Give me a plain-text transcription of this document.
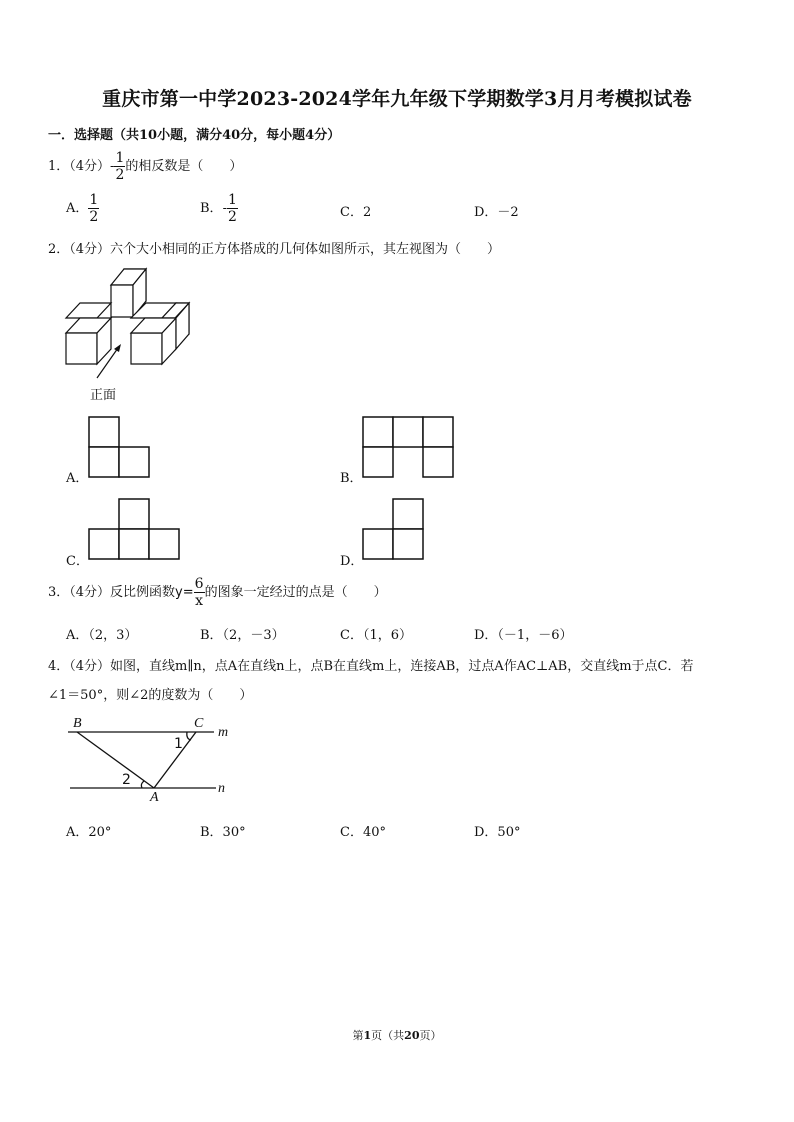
重庆市第一中学2023-2024学年九年级下学期数学3月月考模拟试卷
一．选择题（共10小题，满分40分，每小题4分）
1．（4分）- $\frac{1}{2}$ 的相反数是（　　）
A． $\frac{1}{2}$	B．- $\frac{1}{2}$	C．2	D．－2
2．（4分）六个大小相同的正方体搭成的几何体如图所示，其左视图为（　　）
正面
A．	B．
C．	D．
3．（4分）反比例函数$y= \frac{6}{x}$ 的图象一定经过的点是（　　）
A．（2，3）	B．（2，－3）	C．（1，6）	D．（－1，－6）
4．（4分）如图，直线m∥n，点A在直线n上，点B在直线m上，连接AB，过点A作AC⊥AB，交直线m于点C．若
∠1＝50°，则∠2的度数为（　　）
B	C
m
1
2
n
A
A．20°	B．30°	C．40°	D．50°
第1页（共20页）
